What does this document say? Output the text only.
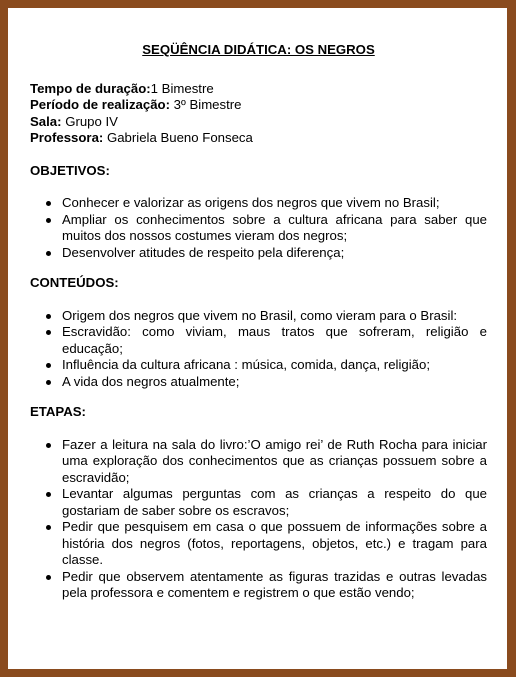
SEQÜÊNCIA DIDÁTICA: OS NEGROS

Tempo de duração:1 Bimestre

Período de realização: 3º Bimestre

Sala: Grupo IV

Professora: Gabriela Bueno Fonseca

OBJETIVOS:

Conhecer e valorizar as origens dos negros que vivem no Brasil;
Ampliar os conhecimentos sobre a cultura africana para saber que muitos dos nossos costumes vieram dos negros;
Desenvolver atitudes de respeito pela diferença;

CONTEÚDOS:

Origem dos negros que vivem no Brasil, como vieram para o Brasil:
Escravidão: como viviam, maus tratos que sofreram, religião e educação;
Influência da cultura africana : música, comida, dança, religião;
A vida dos negros atualmente;

ETAPAS:

Fazer a leitura na sala do livro:’O amigo rei’ de Ruth Rocha para iniciar uma exploração dos conhecimentos que as crianças possuem sobre a escravidão;
Levantar algumas perguntas com as crianças a respeito do que gostariam de saber sobre os escravos;
Pedir que pesquisem em casa o que possuem de informações sobre a história dos negros (fotos, reportagens, objetos, etc.) e tragam para classe.
Pedir que observem atentamente as figuras trazidas e outras levadas pela professora e comentem e registrem o que estão vendo;
